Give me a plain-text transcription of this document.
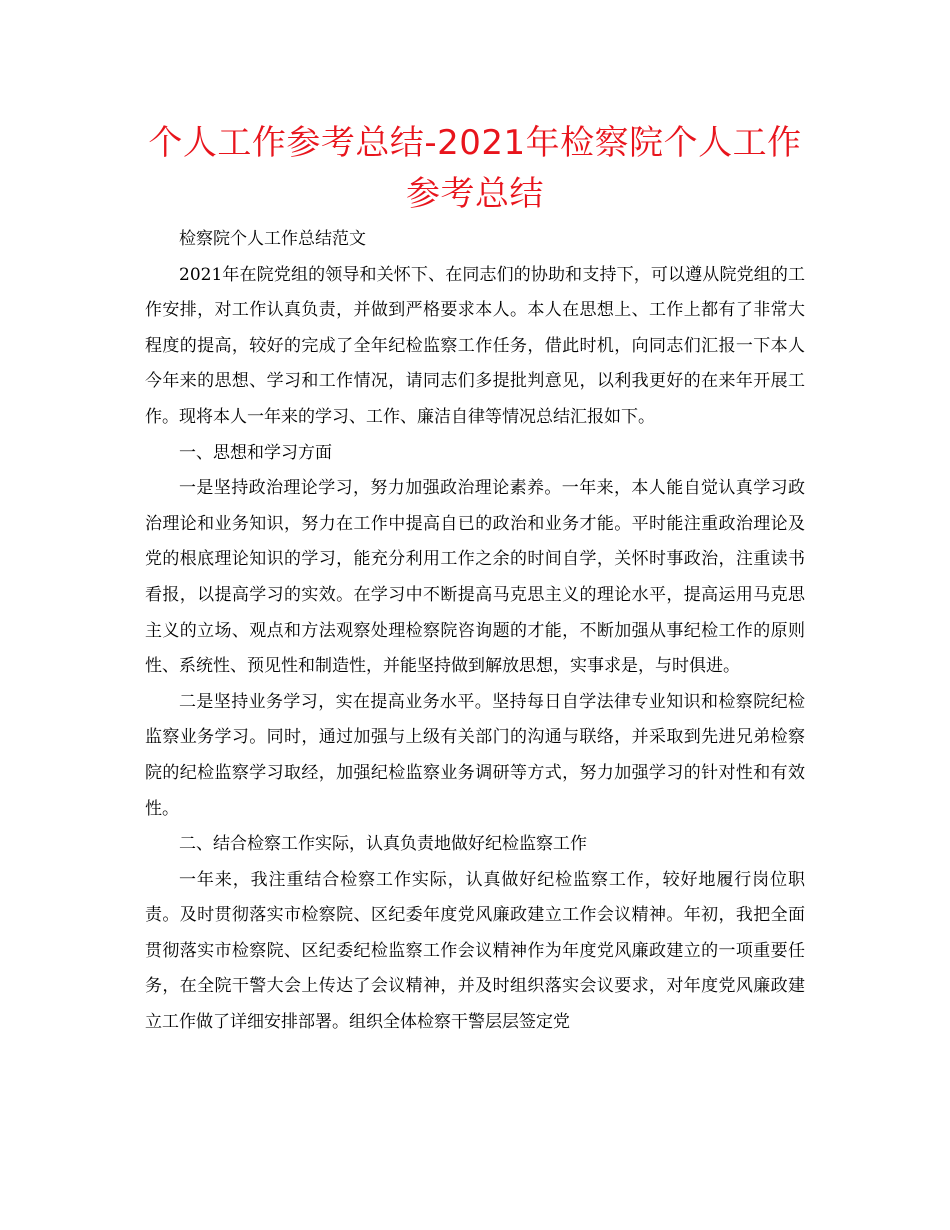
个人工作参考总结-2021年检察院个人工作参考总结

检察院个人工作总结范文

2021年在院党组的领导和关怀下、在同志们的协助和支持下，可以遵从院党组的工作安排，对工作认真负责，并做到严格要求本人。本人在思想上、工作上都有了非常大程度的提高，较好的完成了全年纪检监察工作任务，借此时机，向同志们汇报一下本人今年来的思想、学习和工作情况，请同志们多提批判意见，以利我更好的在来年开展工作。现将本人一年来的学习、工作、廉洁自律等情况总结汇报如下。

一、思想和学习方面

一是坚持政治理论学习，努力加强政治理论素养。一年来，本人能自觉认真学习政治理论和业务知识，努力在工作中提高自已的政治和业务才能。平时能注重政治理论及党的根底理论知识的学习，能充分利用工作之余的时间自学，关怀时事政治，注重读书看报，以提高学习的实效。在学习中不断提高马克思主义的理论水平，提高运用马克思主义的立场、观点和方法观察处理检察院咨询题的才能，不断加强从事纪检工作的原则性、系统性、预见性和制造性，并能坚持做到解放思想，实事求是，与时俱进。

二是坚持业务学习，实在提高业务水平。坚持每日自学法律专业知识和检察院纪检监察业务学习。同时，通过加强与上级有关部门的沟通与联络，并采取到先进兄弟检察院的纪检监察学习取经，加强纪检监察业务调研等方式，努力加强学习的针对性和有效性。

二、结合检察工作实际，认真负责地做好纪检监察工作

一年来，我注重结合检察工作实际，认真做好纪检监察工作，较好地履行岗位职责。及时贯彻落实市检察院、区纪委年度党风廉政建立工作会议精神。年初，我把全面贯彻落实市检察院、区纪委纪检监察工作会议精神作为年度党风廉政建立的一项重要任务，在全院干警大会上传达了会议精神，并及时组织落实会议要求，对年度党风廉政建立工作做了详细安排部署。组织全体检察干警层层签定党
